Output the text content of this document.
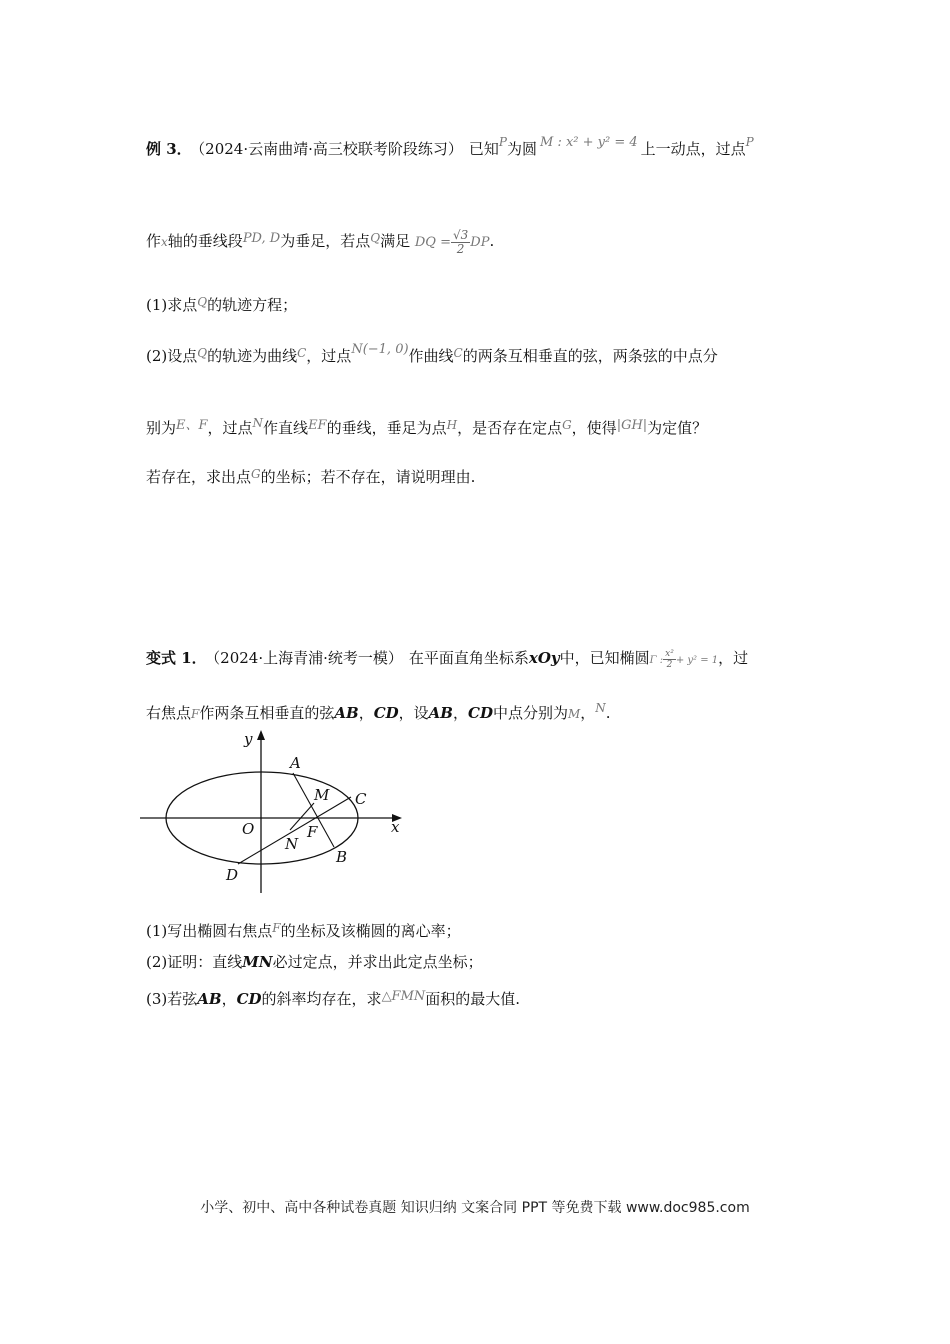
例 3． （2024·云南曲靖·高三校联考阶段练习） 已知$^P$为圆 M : x² + y² = 4 上一动点，过点$^P$
作x轴的垂线段PD, D为垂足，若点$^Q$满足 DQ = $\frac{√3}{2}$ DP.
(1)求点$^Q$的轨迹方程；
(2)设点$^Q$的轨迹为曲线$^C$，过点N(−1, 0)作曲线$^C$的两条互相垂直的弦，两条弦的中点分
别为E、F，过点$^N$作直线EF的垂线，垂足为点$^H$，是否存在定点$^G$，使得|GH|为定值？
若存在，求出点$^G$的坐标；若不存在，请说明理由.
变式 1． （2024·上海青浦·统考一模） 在平面直角坐标系xOy中，已知椭圆Γ : $\frac{\text{x²}}{2} + y^2 = 1$，过
右焦点F作两条互相垂直的弦AB，CD，设AB，CD中点分别为M，$^N$.
y
x
O
A
B
C
D
M
N
F
(1)写出椭圆右焦点$^F$的坐标及该椭圆的离心率；
(2)证明：直线MN必过定点，并求出此定点坐标；
(3)若弦AB，CD的斜率均存在，求△FMN面积的最大值.
小学、初中、高中各种试卷真题 知识归纳 文案合同 PPT 等免费下载 www.doc985.com
